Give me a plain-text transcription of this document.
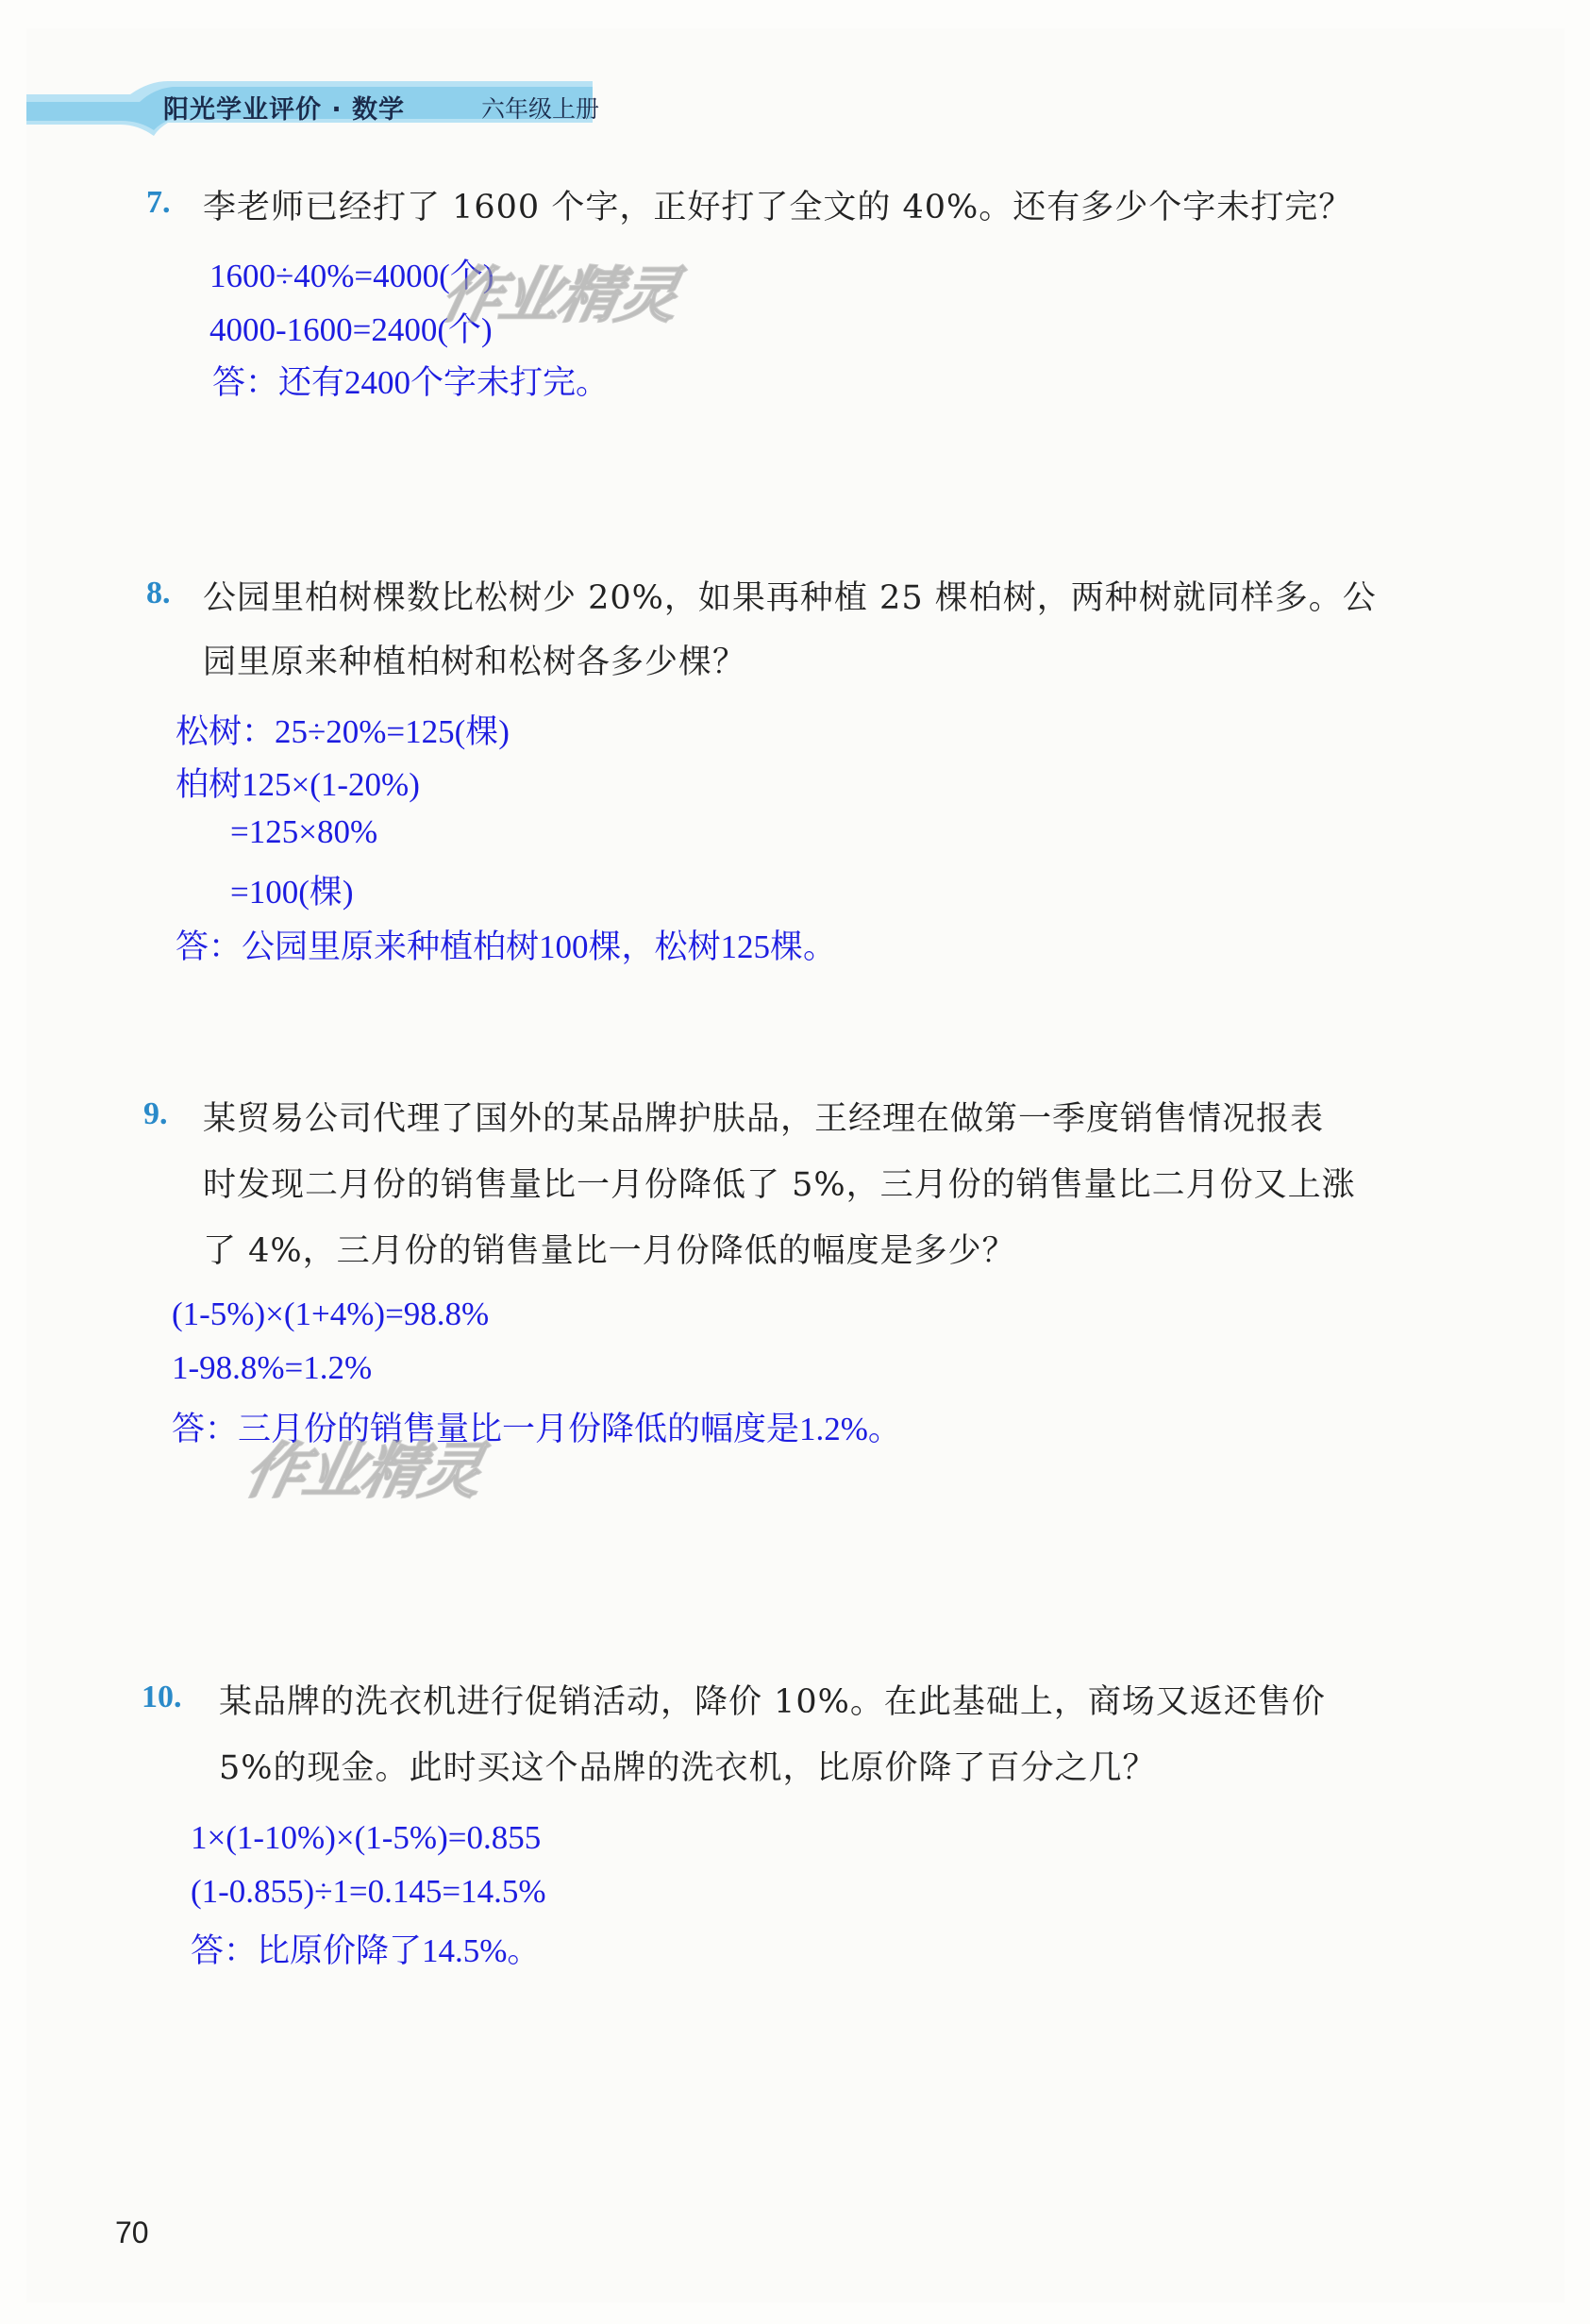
阳光学业评价 · 数学	六年级上册
7. 李老师已经打了 1600 个字，正好打了全文的 40%。还有多少个字未打完？
1600÷40%=4000(个)
4000-1600=2400(个)
答：还有2400个字未打完。
8. 公园里柏树棵数比松树少 20%，如果再种植 25 棵柏树，两种树就同样多。公
园里原来种植柏树和松树各多少棵？
松树：25÷20%=125(棵)
柏树125×(1-20%)
=125×80%
=100(棵)
答：公园里原来种植柏树100棵，松树125棵。
9. 某贸易公司代理了国外的某品牌护肤品，王经理在做第一季度销售情况报表
时发现二月份的销售量比一月份降低了 5%，三月份的销售量比二月份又上涨
了 4%，三月份的销售量比一月份降低的幅度是多少？
(1-5%)×(1+4%)=98.8%
1-98.8%=1.2%
答：三月份的销售量比一月份降低的幅度是1.2%。
10. 某品牌的洗衣机进行促销活动，降价 10%。在此基础上，商场又返还售价
5%的现金。此时买这个品牌的洗衣机，比原价降了百分之几？
1×(1-10%)×(1-5%)=0.855
(1-0.855)÷1=0.145=14.5%
答：比原价降了14.5%。
作业精灵
作业精灵
70
